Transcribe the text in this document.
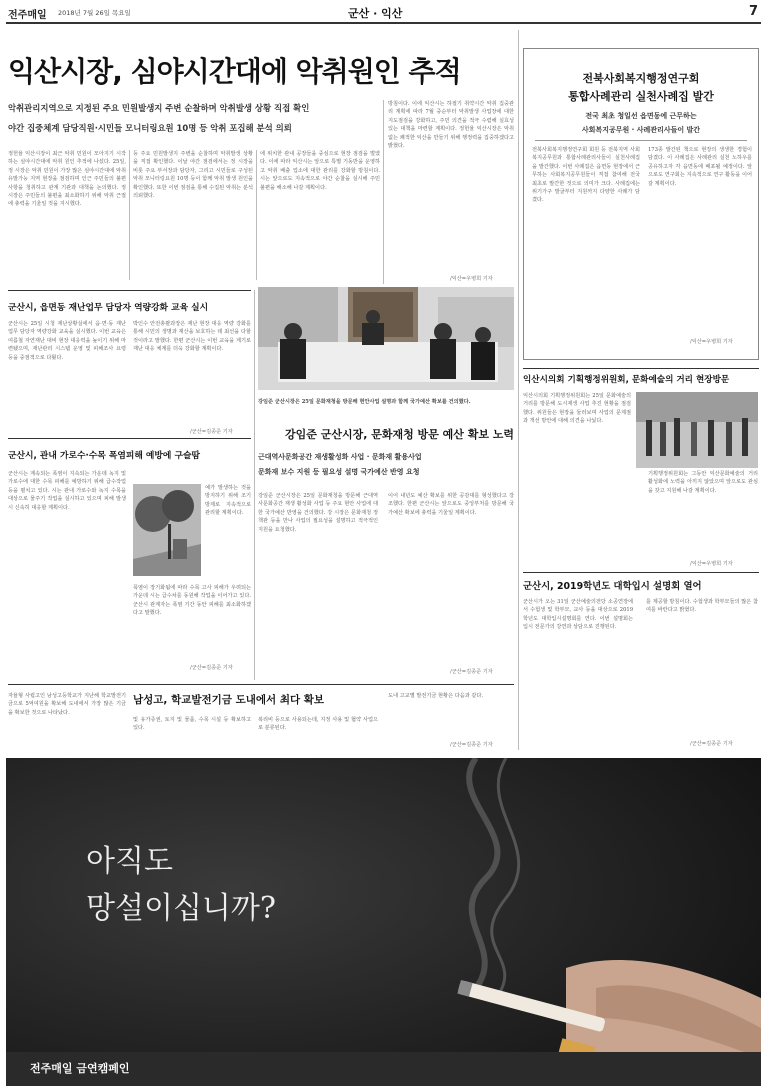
전주매일 2018년 7월 26일 목요일	군산 · 익산	7
익산시장, 심야시간대에 악취원인 추적
악취관리지역으로 지정된 주요 민원발생지 주변 순찰하며 악취발생 상황 직접 확인
야간 집중체계 담당직원·시민들 모니터링요원 10명 등 악취 포집해 분석 의뢰
정헌율 익산시장이 최근 악취 민원이 모아지기 시작하는 심야시간대에 악취 원인 추적에 나섰다. 25일, 정 시장은 악취 민원이 가장 많은 심야시간대에 악취 유발가능 지역 현장을 점검하며 인근 주민들의 불편사항을 청취하고 관계 기관과 대책을 논의했다. 정 시장은 주민들의 불편을 최소화하기 위해 악취 근절에 총력을 기울일 것을 지시했다.
등 주요 민원발생지 주변을 순찰하며 악취발생 상황을 직접 확인했다. 이날 야간 점검에서는 정 시장을 비롯 주요 부서장과 담당자, 그리고 시민들로 구성된 악취 모니터링요원 10명 등이 함께 악취 발생 원인을 확인했다. 또한 이번 점검을 통해 수집된 악취는 분석 의뢰했다.
에 위치한 관내 공장들을 중심으로 현장 점검을 벌였다. 이에 따라 익산시는 앞으로 특별 기동반을 운영하고 악취 배출 업소에 대한 관리를 강화할 방침이다. 시는 앞으로도 지속적으로 야간 순찰을 실시해 주민 불편을 해소해 나갈 계획이다.
방침이다. 이에 익산시는 하절기 취약시간 악취 집중관리 계획에 따라 7월 중순부터 악취발생 사업장에 대한 지도점검을 강화하고, 주민 의견을 적극 수렴해 실효성 있는 대책을 마련할 계획이다. 정헌율 익산시장은 악취 없는 쾌적한 익산을 만들기 위해 행정력을 집중하겠다고 밝혔다.
/익산=우병희 기자
전북사회복지행정연구회
통합사례관리 실천사례집 발간
전국 최초 청일선 읍면동에 근무하는
사회복지공무원 · 사례관리사들이 발간
전북사회복지행정연구회 회원 등 전북지역 사회복지공무원과 통합사례관리사들이 실천사례집을 발간했다. 이번 사례집은 읍면동 현장에서 근무하는 사회복지공무원들이 직접 참여해 전국 최초로 발간한 것으로 의미가 크다. 사례집에는 위기가구 발굴부터 지원까지 다양한 사례가 담겼다.
173종 발간된 책으로 현장의 생생한 경험이 담겼다. 이 사례집은 사례관리 실천 노하우를 공유하고자 각 읍면동에 배포될 예정이다. 앞으로도 연구회는 지속적으로 연구 활동을 이어갈 계획이다.
/익산=우병희 기자
군산시, 읍면동 재난업무 담당자 역량강화 교육 실시
군산시는 25일 시청 재난상황실에서 읍·면·동 재난업무 담당자 역량강화 교육을 실시했다. 이번 교육은 여름철 자연재난 대비 현장 대응력을 높이기 위해 마련됐으며, 재난관리 시스템 운영 및 피해조사 요령 등을 중점적으로 다뤘다.
박인수 안전총괄과장은 재난 현장 대응 역량 강화를 통해 시민의 생명과 재산을 보호하는 데 최선을 다할 것이라고 말했다. 한편 군산시는 이번 교육을 계기로 재난 대응 체계를 더욱 강화할 계획이다.
/군산=김종준 기자
강임준 군산시장은 25일 문화재청을 방문해 현안사업 설명과 함께 국가예산 확보를 건의했다.
강임준 군산시장, 문화재청 방문 예산 확보 노력
근대역사문화공간 재생활성화 사업 · 문화재 활용사업
문화재 보수 지원 등 필요성 설명 국가예산 반영 요청
강임준 군산시장은 25일 문화재청을 방문해 근대역사문화공간 재생 활성화 사업 등 주요 현안 사업에 대한 국가예산 반영을 건의했다. 강 시장은 문화재청 정책관 등을 만나 사업의 필요성을 설명하고 적극적인 지원을 요청했다.
이어 내년도 예산 확보를 위한 공감대를 형성했다고 강조했다. 한편 군산시는 앞으로도 중앙부처를 방문해 국가예산 확보에 총력을 기울일 계획이다.
/군산=김종준 기자
군산시, 관내 가로수·수목 폭염피해 예방에 구슬땀
군산시는 계속되는 폭염이 지속되는 가운데 녹지 및 가로수에 대한 수목 피해를 예방하기 위해 급수작업 등을 펼치고 있다. 시는 관내 가로수와 녹지 수목을 대상으로 물주기 작업을 실시하고 있으며 피해 발생 시 신속히 대응할 계획이다.
예가 발생하는 것을 방지하기 위해 조기 방제로 지속적으로 관리할 계획이다.
폭염이 장기화됨에 따라 수목 고사 피해가 우려되는 가운데 시는 급수차를 동원해 작업을 이어가고 있다. 군산시 관계자는 폭염 기간 동안 피해를 최소화하겠다고 말했다.
/군산=김종준 기자
자율형 사립고인 남성고등학교가 지난해 학교발전기금으로 5억여원을 확보해 도내에서 가장 많은 기금을 확보한 것으로 나타났다.
남성고, 학교발전기금 도내에서 최다 확보
및 유가증권, 토지 및 물품, 수목 시설 등 확보하고 있다.
복리비 등으로 사용되는데, 지정 사용 및 협약 사업으로 분류된다.
도내 고교별 발전기금 현황은 다음과 같다.
/군산=김종준 기자
익산시의회 기획행정위원회, 문화예술의 거리 현장방문
익산시의회 기획행정위원회는 25일 문화예술의 거리를 방문해 도시재생 사업 추진 현황을 점검했다. 위원들은 현장을 둘러보며 사업의 문제점과 개선 방안에 대해 의견을 나눴다.
기획행정위원회는 그동안 익산문화예술의 거리 활성화에 노력을 아끼지 않았으며 앞으로도 관심을 갖고 지원해 나갈 계획이다.
/익산=우병희 기자
군산시, 2019학년도 대학입시 설명회 열어
군산시가 오는 31일 군산예술의전당 소공연장에서 수험생 및 학부모, 교사 등을 대상으로 2019학년도 대학입시설명회를 연다. 이번 설명회는 입시 전문가의 강연과 상담으로 진행된다.
를 제공할 방침이다. 수험생과 학부모들의 많은 참여를 바란다고 밝혔다.
/군산=김종준 기자
아직도
망설이십니까?
전주매일 금연캠페인
